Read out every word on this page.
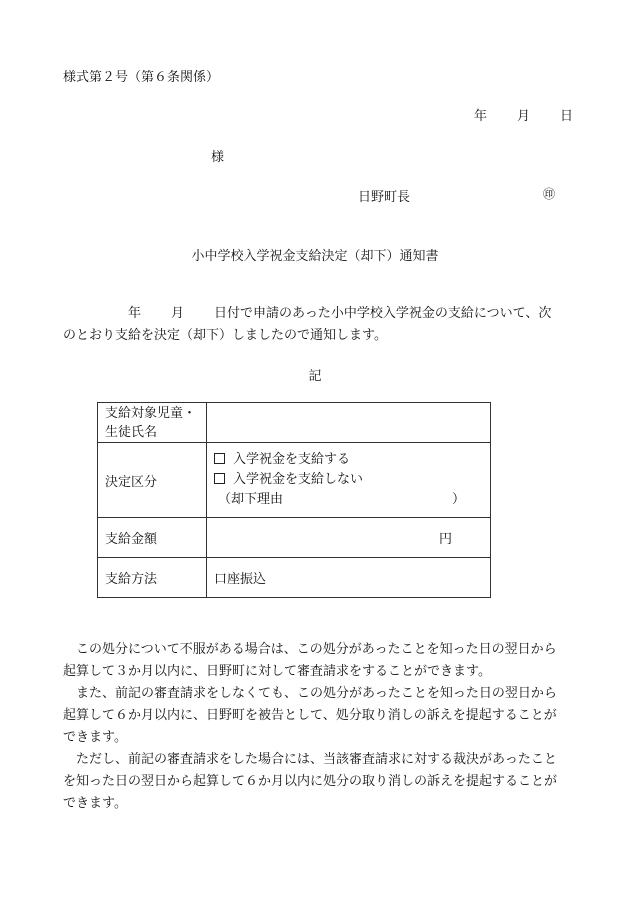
様式第２号（第６条関係）
年 月 日
様
日野町長	㊞
小中学校入学祝金支給決定（却下）通知書

年 月 日付で申請のあった小中学校入学祝金の支給について、次

のとおり支給を決定（却下）しましたので通知します。

記
支給対象児童・
生徒氏名	

決定区分	入学祝金を支給する
入学祝金を支給しない
（却下理由 ）

支給金額	円
支給方法	口座振込

この処分について不服がある場合は、この処分があったことを知った日の翌日から起算して３か月以内に、日野町に対して審査請求をすることができます。

また、前記の審査請求をしなくても、この処分があったことを知った日の翌日から起算して６か月以内に、日野町を被告として、処分取り消しの訴えを提起することができます。

ただし、前記の審査請求をした場合には、当該審査請求に対する裁決があったことを知った日の翌日から起算して６か月以内に処分の取り消しの訴えを提起することができます。
